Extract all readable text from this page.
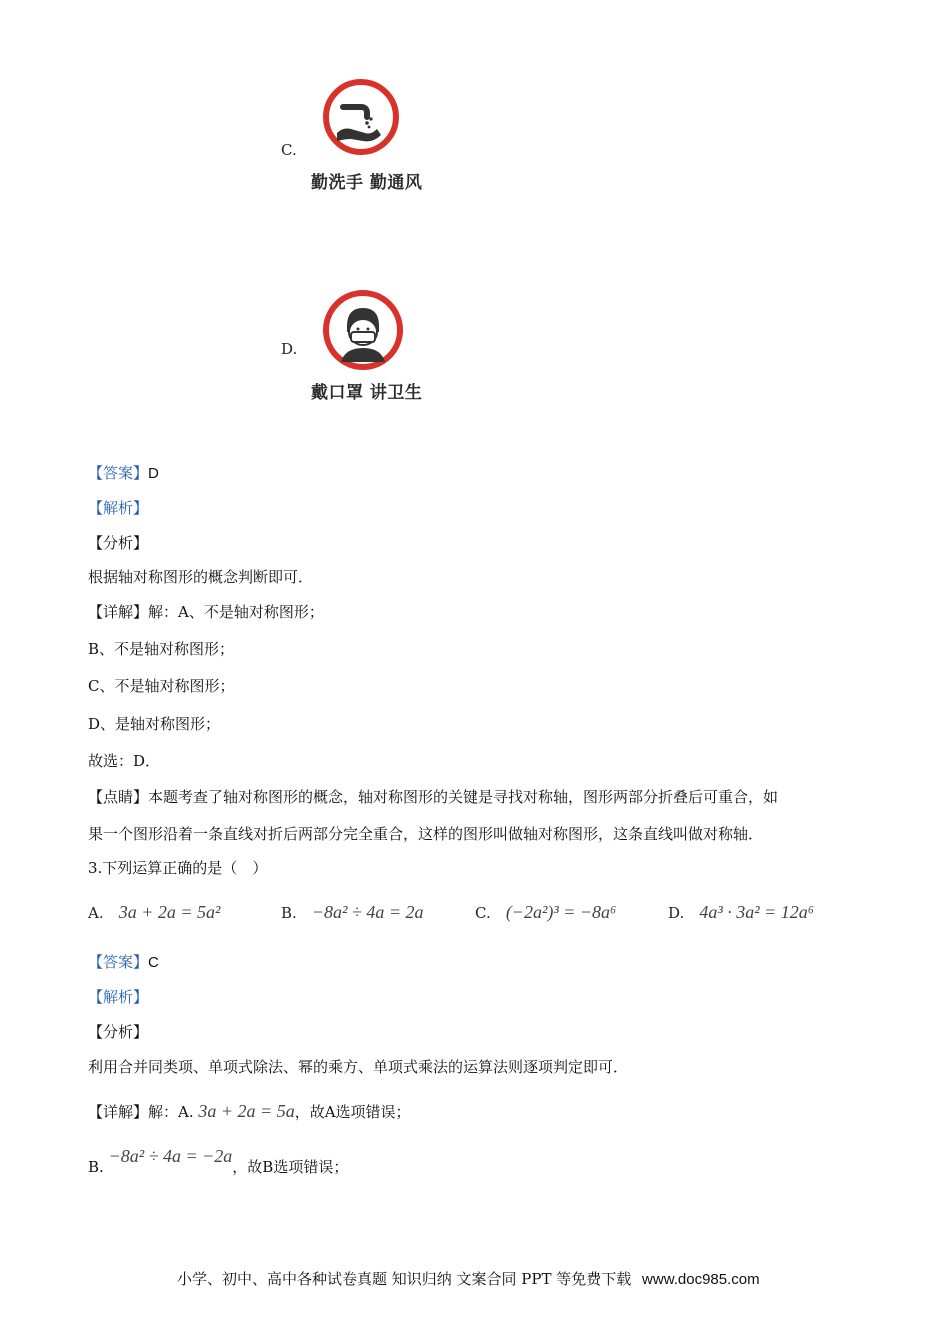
C.
勤洗手 勤通风
D.
戴口罩 讲卫生
【答案】D
【解析】
【分析】
根据轴对称图形的概念判断即可．
【详解】解：A、不是轴对称图形；
B、不是轴对称图形；
C、不是轴对称图形；
D、是轴对称图形；
故选：D．
【点睛】本题考查了轴对称图形的概念，轴对称图形的关键是寻找对称轴，图形两部分折叠后可重合，如
果一个图形沿着一条直线对折后两部分完全重合，这样的图形叫做轴对称图形，这条直线叫做对称轴．
3.下列运算正确的是（　）
A. 3a + 2a = 5a²	B. −8a² ÷ 4a = 2a	C. (−2a²)³ = −8a⁶	D. 4a³ · 3a² = 12a⁶
【答案】C
【解析】
【分析】
利用合并同类项、单项式除法、幂的乘方、单项式乘法的运算法则逐项判定即可．
【详解】解：A. 3a + 2a = 5a，故A选项错误；
B. −8a² ÷ 4a = −2a，故B选项错误；
小学、初中、高中各种试卷真题 知识归纳 文案合同 PPT 等免费下载 www.doc985.com
